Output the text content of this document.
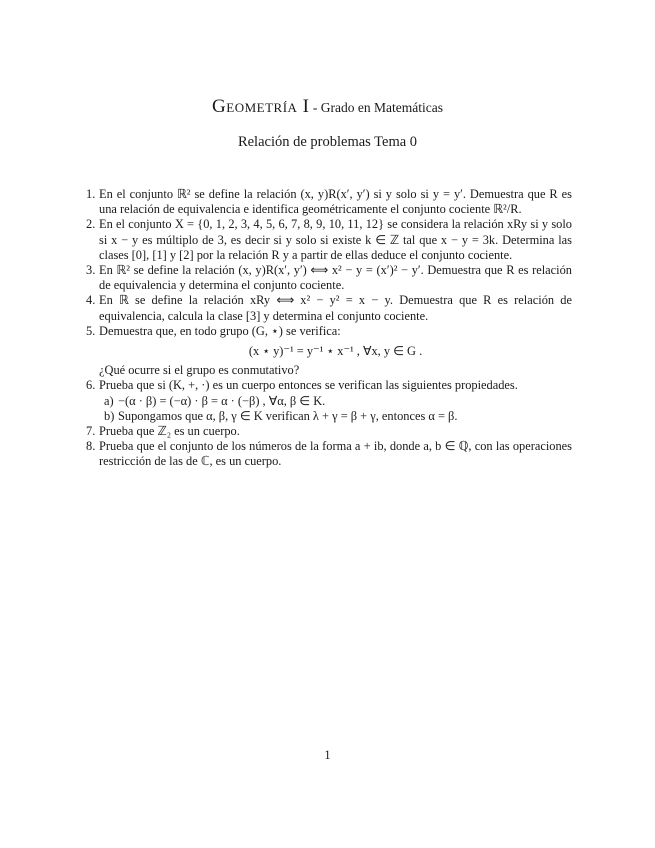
Geometría I - Grado en Matemáticas
Relación de problemas Tema 0
1. En el conjunto ℝ² se define la relación (x, y)R(x′, y′) si y solo si y = y′. Demuestra que R es una relación de equivalencia e identifica geométricamente el conjunto cociente ℝ²/R.
2. En el conjunto X = {0, 1, 2, 3, 4, 5, 6, 7, 8, 9, 10, 11, 12} se considera la relación xRy si y solo si x − y es múltiplo de 3, es decir si y solo si existe k ∈ ℤ tal que x − y = 3k. Determina las clases [0], [1] y [2] por la relación R y a partir de ellas deduce el conjunto cociente.
3. En ℝ² se define la relación (x, y)R(x′, y′) ⟺ x² − y = (x′)² − y′. Demuestra que R es relación de equivalencia y determina el conjunto cociente.
4. En ℝ se define la relación xRy ⟺ x² − y² = x − y. Demuestra que R es relación de equivalencia, calcula la clase [3] y determina el conjunto cociente.
5. Demuestra que, en todo grupo (G, ⋆) se verifica:
(x ⋆ y)⁻¹ = y⁻¹ ⋆ x⁻¹ , ∀x, y ∈ G .
¿Qué ocurre si el grupo es conmutativo?
6. Prueba que si (K, +, ·) es un cuerpo entonces se verifican las siguientes propiedades.
a) −(α · β) = (−α) · β = α · (−β) , ∀α, β ∈ K.
b) Supongamos que α, β, γ ∈ K verifican λ + γ = β + γ, entonces α = β.
7. Prueba que ℤ₂ es un cuerpo.
8. Prueba que el conjunto de los números de la forma a + ib, donde a, b ∈ ℚ, con las operaciones restricción de las de ℂ, es un cuerpo.
1
